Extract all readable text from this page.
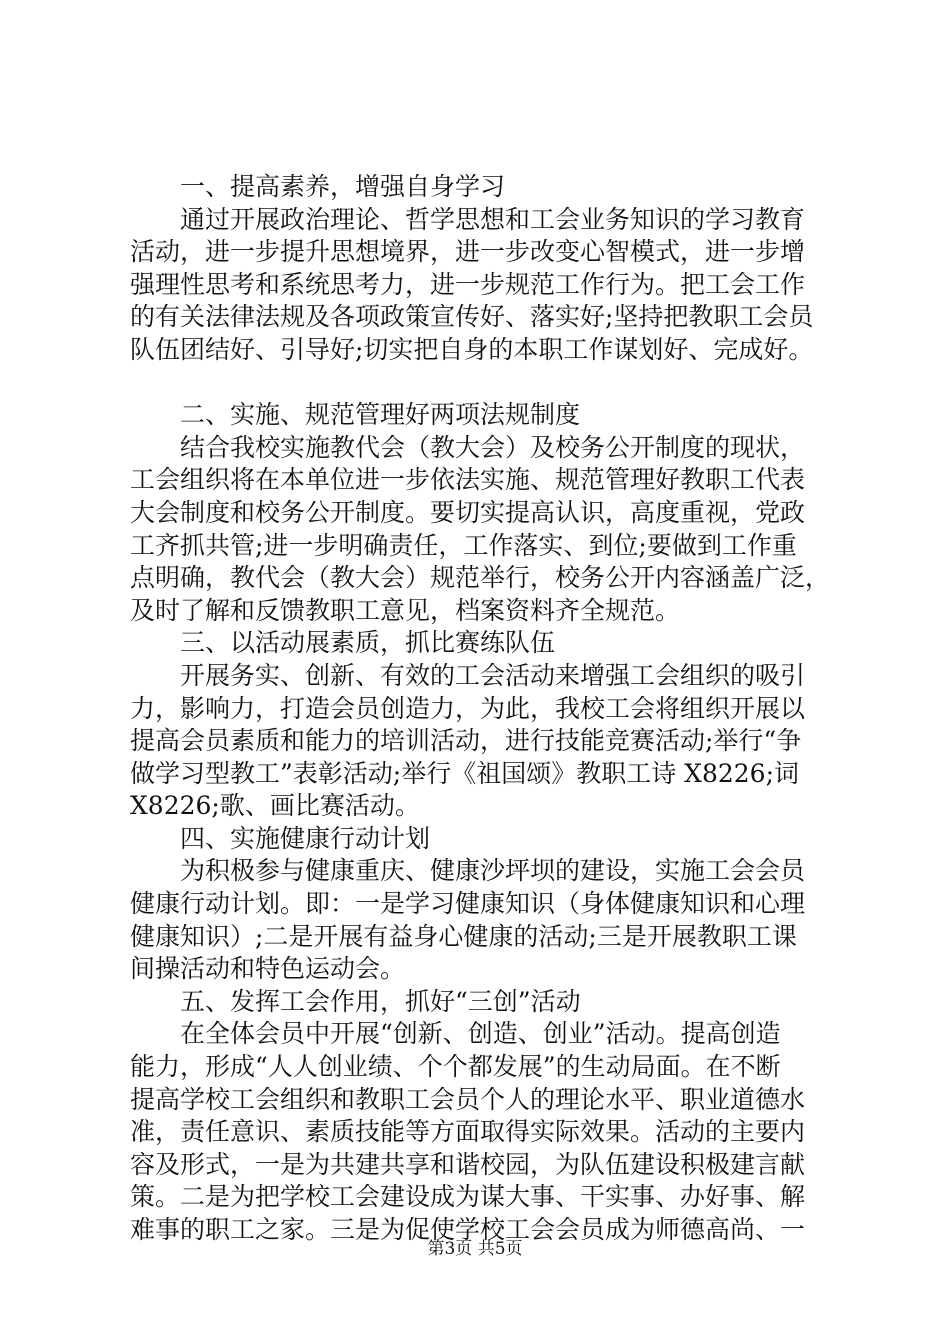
一、提高素养，增强自身学习
通过开展政治理论、哲学思想和工会业务知识的学习教育
活动，进一步提升思想境界，进一步改变心智模式，进一步增
强理性思考和系统思考力，进一步规范工作行为。把工会工作
的有关法律法规及各项政策宣传好、落实好;坚持把教职工会员
队伍团结好、引导好;切实把自身的本职工作谋划好、完成好。
二、实施、规范管理好两项法规制度
结合我校实施教代会（教大会）及校务公开制度的现状，
工会组织将在本单位进一步依法实施、规范管理好教职工代表
大会制度和校务公开制度。要切实提高认识，高度重视，党政
工齐抓共管;进一步明确责任，工作落实、到位;要做到工作重
点明确，教代会（教大会）规范举行，校务公开内容涵盖广泛，
及时了解和反馈教职工意见，档案资料齐全规范。
三、以活动展素质，抓比赛练队伍
开展务实、创新、有效的工会活动来增强工会组织的吸引
力，影响力，打造会员创造力，为此，我校工会将组织开展以
提高会员素质和能力的培训活动，进行技能竞赛活动;举行“争
做学习型教工”表彰活动;举行《祖国颂》教职工诗 X8226;词
X8226;歌、画比赛活动。
四、实施健康行动计划
为积极参与健康重庆、健康沙坪坝的建设，实施工会会员
健康行动计划。即：一是学习健康知识（身体健康知识和心理
健康知识）;二是开展有益身心健康的活动;三是开展教职工课
间操活动和特色运动会。
五、发挥工会作用，抓好“三创”活动
在全体会员中开展“创新、创造、创业”活动。提高创造
能力，形成“人人创业绩、个个都发展”的生动局面。在不断
提高学校工会组织和教职工会员个人的理论水平、职业道德水
准，责任意识、素质技能等方面取得实际效果。活动的主要内
容及形式，一是为共建共享和谐校园，为队伍建设积极建言献
策。二是为把学校工会建设成为谋大事、干实事、办好事、解
难事的职工之家。三是为促使学校工会会员成为师德高尚、一
第3页 共5页
